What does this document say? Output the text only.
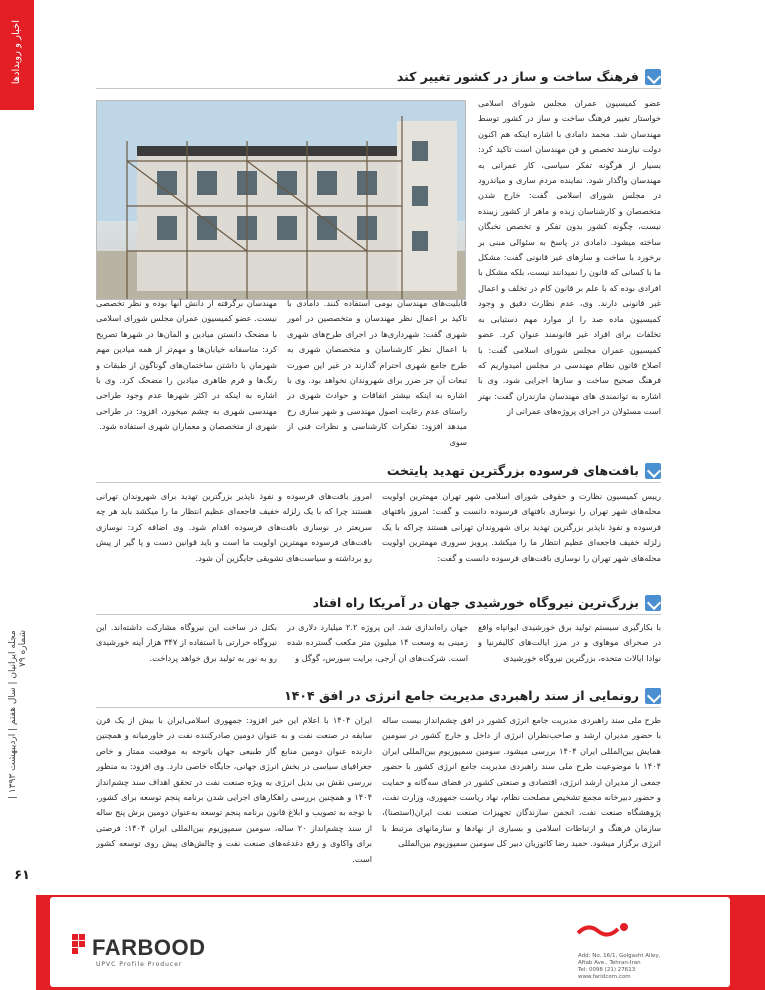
اخبار و رویدادها
مجله ایرانیان | سال هفتم | اردیبهشت ۱۳۹۳ | شماره ۷۹
۶۱
فرهنگ ساخت و ساز در کشور تغییر کند
عضو کمیسیون عمران مجلس شورای اسلامی خواستار تغییر فرهنگ ساخت و ساز در کشور توسط مهندسان شد. محمد دامادی با اشاره اینکه هم اکنون دولت نیازمند تخصص و فن مهندسان است تاکید کرد: بسیار از هرگونه تفکر سیاسی، کار عمرانی به مهندسان واگذار شود. نماینده مردم ساری و میاندرود در مجلس شورای اسلامی گفت: خارج شدن متخصصان و کارشناسان زبده و ماهر از کشور زیبنده نیست، چگونه کشور بدون تفکر و تخصص نخبگان ساخته میشود. دامادی در پاسخ به سئوالی مبنی بر برخورد با ساخت و سازهای غیر قانونی گفت: مشکل ما با کسانی که قانون را نمیدانند نیست، بلکه مشکل با افرادی بوده که با علم بر قانون کام در تخلف و اعمال غیر قانونی دارند. وی، عدم نظارت دقیق و وجود کمیسیون ماده صد را از موارد مهم دستیابی به تخلفات برای افراد غیر قانونمند عنوان کرد. عضو کمیسیون عمران مجلس شورای اسلامی گفت: با اصلاح قانون نظام مهندسی در مجلس امیدواریم که فرهنگ صحیح ساخت و سازها اجرایی شود. وی با اشاره به توانمندی های مهندسان مازندران گفت: بهتر است مسئولان در اجرای پروژه‌های عمرانی از
قابلیت‌های مهندسان بومی استفاده کنند. دامادی با تاکید بر اعمال نظر مهندسان و متخصصین در امور شهری گفت: شهرداری‌ها در اجرای طرح‌های شهری با اعمال نظر کارشناسان و متخصصان شهری به طرح جامع شهری احترام گذارند در غیر این صورت تبعات آن جز ضرر برای شهروندان نخواهد بود. وی با اشاره به اینکه بیشتر اتفاقات و حوادث شهری در راستای عدم رعایت اصول مهندسی و شهر سازی رخ میدهد افزود: تفکرات کارشناسی و نظرات فنی از سوی
مهندسان برگرفته از دانش آنها بوده و نظر تخصصی نیست. عضو کمیسیون عمران مجلس شورای اسلامی با مضحک دانستن میادین و المان‌ها در شهرها تصریح کرد: متاسفانه خیابان‌ها و مهم‌تر از همه میادین مهم شهرمان با داشتن ساختمان‌های گوناگون از طبقات و رنگ‌ها و فرم ظاهری میادین را مضحک کرد. وی با اشاره به اینکه در اکثر شهرها عدم وجود طراحی مهندسی شهری به چشم میخورد، افزود: در طراحی شهری از متخصصان و معماران شهری استفاده شود.
بافت‌های فرسوده بزرگترین تهدید پایتخت
رییس کمیسیون نظارت و حقوقی شورای اسلامی شهر تهران مهمترین اولویت محله‌های شهر تهران را نوسازی بافتهای فرسوده دانست و گفت: امروز بافتهای فرسوده و نفوذ ناپذیر بزرگترین تهدید برای شهروندان تهرانی هستند چراکه با یک زلزله خفیف فاجعه‌ای عظیم انتظار ما را میکشد. پرویز سروری مهمترین اولویت محله‌های شهر تهران را نوسازی بافت‌های فرسوده دانست و گفت:
امروز بافت‌های فرسوده و نفوذ ناپذیر بزرگترین تهدید برای شهروندان تهرانی هستند چرا که با یک زلزله خفیف فاجعه‌ای عظیم انتظار ما را میکشد باید هر چه سریعتر در نوسازی بافت‌های فرسوده اقدام شود. وی اضافه کرد: نوسازی بافت‌های فرسوده مهمترین اولویت ما است و باید قوانین دست و پا گیر از پیش رو برداشته و سیاست‌های تشویقی جایگزین آن شود.
بزرگ‌ترین نیروگاه خورشیدی جهان در آمریکا راه افتاد
با بکارگیری سیستم تولید برق خورشیدی ایوانپاه واقع در صحرای موهاوی و در مرز ایالت‌های کالیفرنیا و نوادا ایالات متحده، بزرگترین نیروگاه خورشیدی
جهان راه‌اندازی شد. این پروژه ۲.۲ میلیارد دلاری در زمینی به وسعت ۱۴ میلیون متر مکعب گسترده شده است. شرکت‌های ان آرجی، برایت سورس، گوگل و
بکتل در ساخت این نیروگاه مشارکت داشته‌اند. این نیروگاه حرارتی با استفاده از ۳۴۷ هزار آینه خورشیدی رو به نور به تولید برق خواهد پرداخت.
رونمایی از سند راهبردی مدیریت جامع انرژی در افق ۱۴۰۴
طرح ملی سند راهبردی مدیریت جامع انرژی کشور در افق چشم‌انداز بیست ساله با حضور مدیران ارشد و صاحب‌نظران انرژی از داخل و خارج کشور در سومین همایش بین‌المللی ایران ۱۴۰۴ بررسی میشود. سومین سمپوزیوم بین‌المللی ایران ۱۴۰۴ با موضوعیت طرح ملی سند راهبردی مدیریت جامع انرژی کشور با حضور جمعی از مدیران ارشد انرژی، اقتصادی و صنعتی کشور در فضای سه‌گانه و حمایت و حضور دبیرخانه مجمع تشخیص مصلحت نظام، نهاد ریاست جمهوری، وزارت نفت، پژوهشگاه صنعت نفت، انجمن سازندگان تجهیزات صنعت نفت ایران(استصنا)، سازمان فرهنگ و ارتباطات اسلامی و بسیاری از نهادها و سازمانهای مرتبط با انرژی برگزار میشود. حمید رضا کاتوزیان دبیر کل سومین سمپوزیوم بین‌المللی
ایران ۱۴۰۴ با اعلام این خبر افزود: جمهوری اسلامی‌ایران با بیش از یک قرن سابقه در صنعت نفت و به عنوان دومین صادرکننده نفت در خاورمیانه و همچنین دارنده عنوان دومین منابع گاز طبیعی جهان باتوجه به موقعیت ممتاز و خاص جغرافیای سیاسی در بخش انرژی جهانی، جایگاه خاصی دارد. وی افزود: به منظور بررسی نقش بی بدیل انرژی به ویژه صنعت نفت در تحقق اهداف سند چشم‌انداز ۱۴۰۴ و همچنین بررسی راهکارهای اجرایی شدن برنامه پنجم توسعه برای کشور، با توجه به تصویب و ابلاغ قانون برنامه پنجم توسعه به‌عنوان دومین برش پنج ساله از سند چشم‌انداز ۲۰ ساله، سومین سمپوزیوم بین‌المللی ایران ۱۴۰۴: فرصتی برای واکاوی و رفع دغدغه‌های صنعت نفت و چالش‌های پیش روی توسعه کشور است.
FARBOOD
UPVC Profile Producer
Add: No. 16/1, Golgasht Alley,
Aftab Ave., Tehran-Iran
Tel: 0098 (21) 27613
www.faridcom.com
